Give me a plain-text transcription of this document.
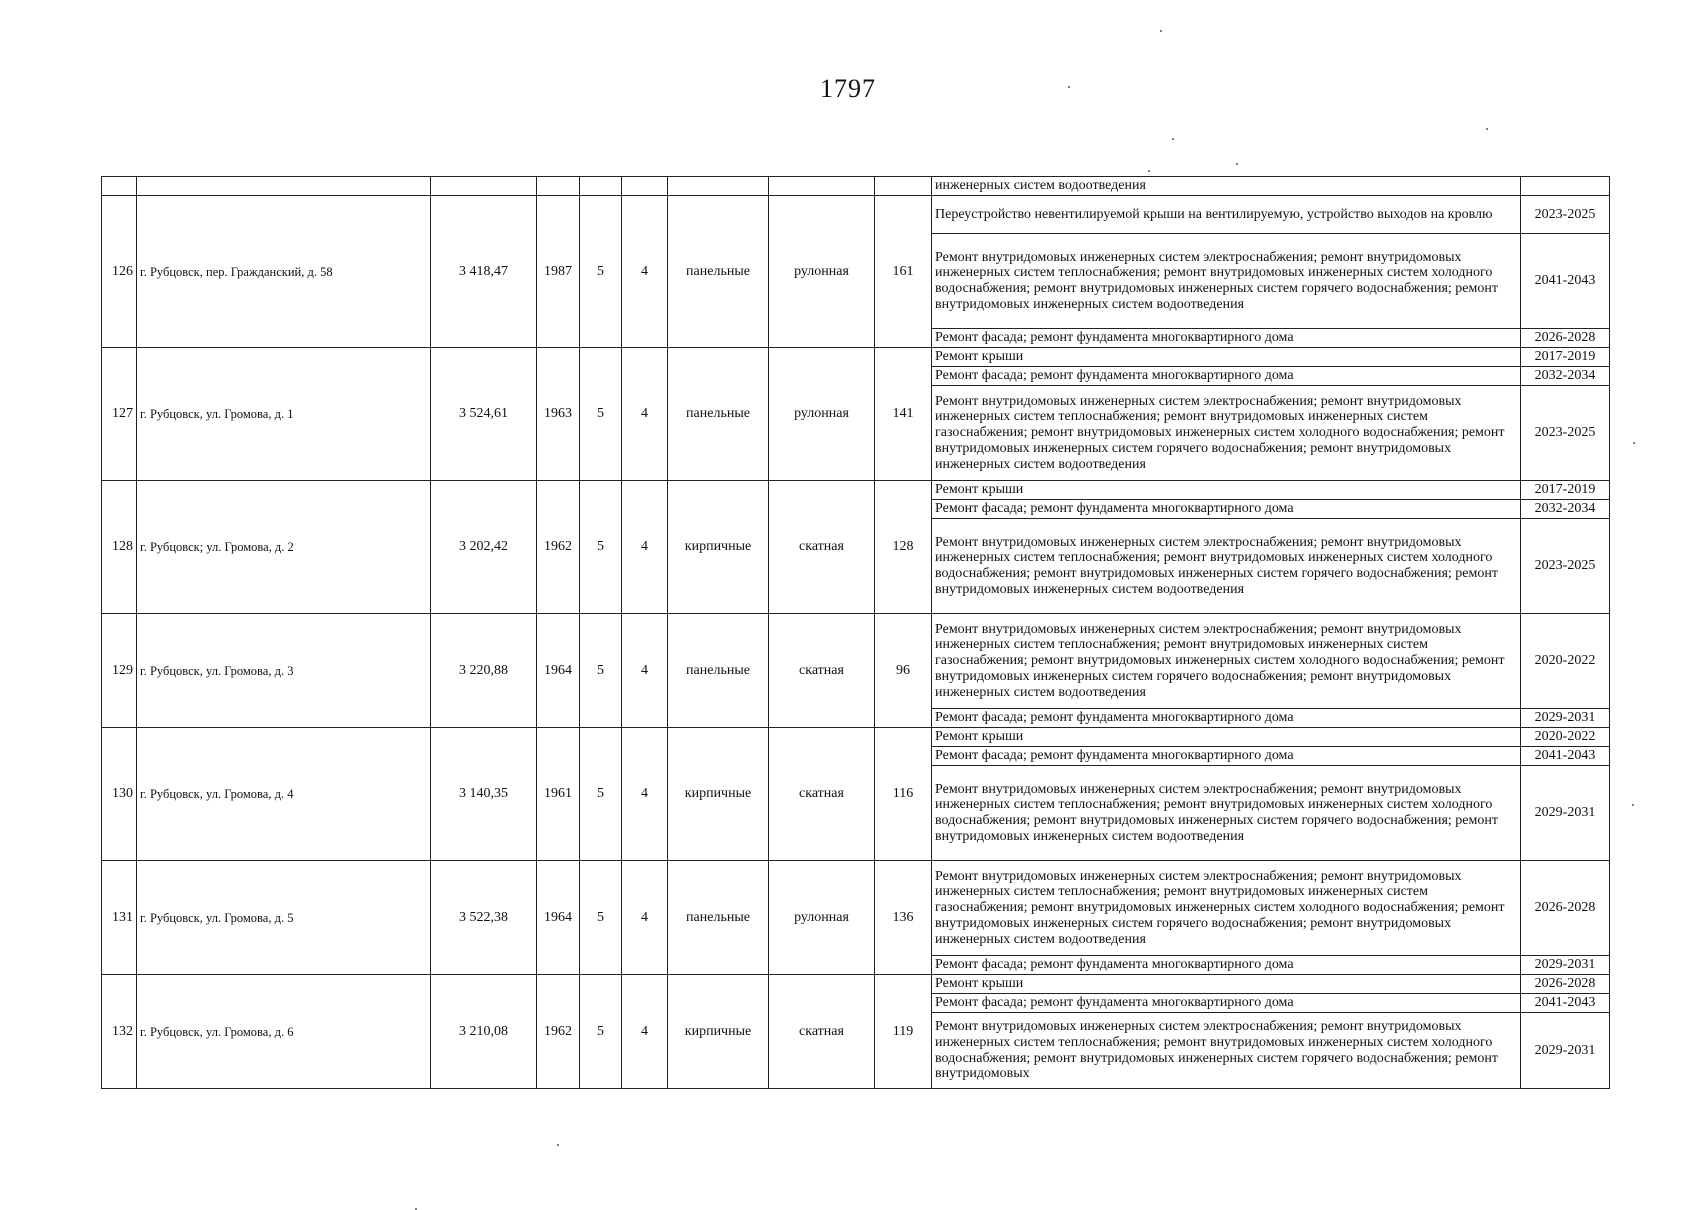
1797
									инженерных систем водоотведения	
126	г. Рубцовск, пер. Гражданский, д. 58	3 418,47	1987	5	4	панельные	рулонная	161	Переустройство невентилируемой крыши на вентилируемую, устройство выходов на кровлю	2023-2025
									Ремонт внутридомовых инженерных систем электроснабжения; ремонт внутридомовых инженерных систем теплоснабжения; ремонт внутридомовых инженерных систем холодного водоснабжения; ремонт внутридомовых инженерных систем горячего водоснабжения; ремонт внутридомовых инженерных систем водоотведения	2041-2043
									Ремонт фасада; ремонт фундамента многоквартирного дома	2026-2028
127	г. Рубцовск, ул. Громова, д. 1	3 524,61	1963	5	4	панельные	рулонная	141	Ремонт крыши	2017-2019
									Ремонт фасада; ремонт фундамента многоквартирного дома	2032-2034
									Ремонт внутридомовых инженерных систем электроснабжения; ремонт внутридомовых инженерных систем теплоснабжения; ремонт внутридомовых инженерных систем газоснабжения; ремонт внутридомовых инженерных систем холодного водоснабжения; ремонт внутридомовых инженерных систем горячего водоснабжения; ремонт внутридомовых инженерных систем водоотведения	2023-2025
128	г. Рубцовск; ул. Громова, д. 2	3 202,42	1962	5	4	кирпичные	скатная	128	Ремонт крыши	2017-2019
									Ремонт фасада; ремонт фундамента многоквартирного дома	2032-2034
									Ремонт внутридомовых инженерных систем электроснабжения; ремонт внутридомовых инженерных систем теплоснабжения; ремонт внутридомовых инженерных систем холодного водоснабжения; ремонт внутридомовых инженерных систем горячего водоснабжения; ремонт внутридомовых инженерных систем водоотведения	2023-2025
129	г. Рубцовск, ул. Громова, д. 3	3 220,88	1964	5	4	панельные	скатная	96	Ремонт внутридомовых инженерных систем электроснабжения; ремонт внутридомовых инженерных систем теплоснабжения; ремонт внутридомовых инженерных систем газоснабжения; ремонт внутридомовых инженерных систем холодного водоснабжения; ремонт внутридомовых инженерных систем горячего водоснабжения; ремонт внутридомовых инженерных систем водоотведения	2020-2022
									Ремонт фасада; ремонт фундамента многоквартирного дома	2029-2031
130	г. Рубцовск, ул. Громова, д. 4	3 140,35	1961	5	4	кирпичные	скатная	116	Ремонт крыши	2020-2022
									Ремонт фасада; ремонт фундамента многоквартирного дома	2041-2043
									Ремонт внутридомовых инженерных систем электроснабжения; ремонт внутридомовых инженерных систем теплоснабжения; ремонт внутридомовых инженерных систем холодного водоснабжения; ремонт внутридомовых инженерных систем горячего водоснабжения; ремонт внутридомовых инженерных систем водоотведения	2029-2031
131	г. Рубцовск, ул. Громова, д. 5	3 522,38	1964	5	4	панельные	рулонная	136	Ремонт внутридомовых инженерных систем электроснабжения; ремонт внутридомовых инженерных систем теплоснабжения; ремонт внутридомовых инженерных систем газоснабжения; ремонт внутридомовых инженерных систем холодного водоснабжения; ремонт внутридомовых инженерных систем горячего водоснабжения; ремонт внутридомовых инженерных систем водоотведения	2026-2028
									Ремонт фасада; ремонт фундамента многоквартирного дома	2029-2031
132	г. Рубцовск, ул. Громова, д. 6	3 210,08	1962	5	4	кирпичные	скатная	119	Ремонт крыши	2026-2028
									Ремонт фасада; ремонт фундамента многоквартирного дома	2041-2043
									Ремонт внутридомовых инженерных систем электроснабжения; ремонт внутридомовых инженерных систем теплоснабжения; ремонт внутридомовых инженерных систем холодного водоснабжения; ремонт внутридомовых инженерных систем горячего водоснабжения; ремонт внутридомовых	2029-2031
